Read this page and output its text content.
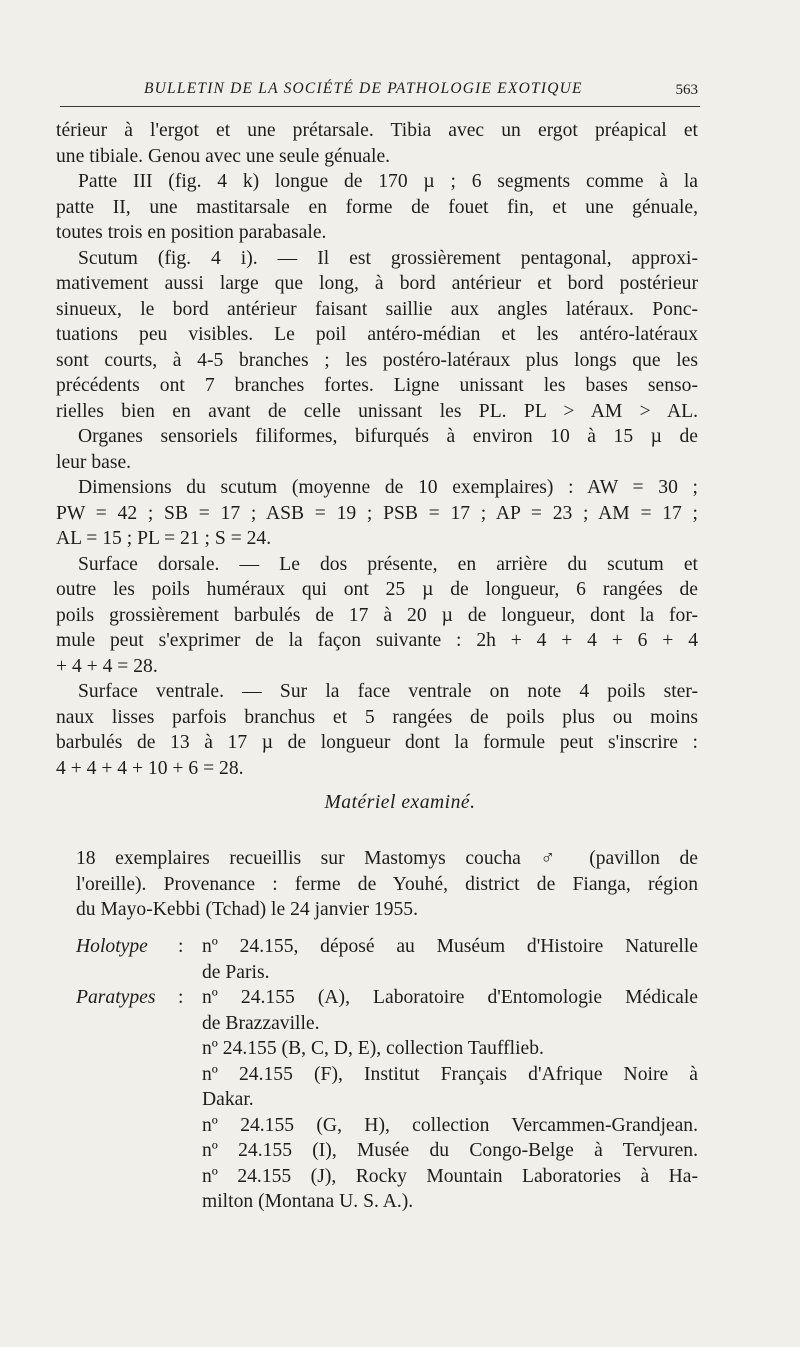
BULLETIN DE LA SOCIÉTÉ DE PATHOLOGIE EXOTIQUE	563
térieur à l'ergot et une prétarsale. Tibia avec un ergot préapical et
une tibiale. Genou avec une seule génuale.
Patte III (fig. 4 k) longue de 170 µ ; 6 segments comme à la
patte II, une mastitarsale en forme de fouet fin, et une génuale,
toutes trois en position parabasale.
Scutum (fig. 4 i). — Il est grossièrement pentagonal, approxi-
mativement aussi large que long, à bord antérieur et bord postérieur
sinueux, le bord antérieur faisant saillie aux angles latéraux. Ponc-
tuations peu visibles. Le poil antéro-médian et les antéro-latéraux
sont courts, à 4-5 branches ; les postéro-latéraux plus longs que les
précédents ont 7 branches fortes. Ligne unissant les bases senso-
rielles bien en avant de celle unissant les PL. PL > AM > AL.
Organes sensoriels filiformes, bifurqués à environ 10 à 15 µ de
leur base.
Dimensions du scutum (moyenne de 10 exemplaires) : AW = 30 ;
PW = 42 ; SB = 17 ; ASB = 19 ; PSB = 17 ; AP = 23 ; AM = 17 ;
AL = 15 ; PL = 21 ; S = 24.
Surface dorsale. — Le dos présente, en arrière du scutum et
outre les poils huméraux qui ont 25 µ de longueur, 6 rangées de
poils grossièrement barbulés de 17 à 20 µ de longueur, dont la for-
mule peut s'exprimer de la façon suivante : 2h + 4 + 4 + 6 + 4
+ 4 + 4 = 28.
Surface ventrale. — Sur la face ventrale on note 4 poils ster-
naux lisses parfois branchus et 5 rangées de poils plus ou moins
barbulés de 13 à 17 µ de longueur dont la formule peut s'inscrire :
4 + 4 + 4 + 10 + 6 = 28.
Matériel examiné.
18 exemplaires recueillis sur Mastomys coucha ♂ (pavillon de
l'oreille). Provenance : ferme de Youhé, district de Fianga, région
du Mayo-Kebbi (Tchad) le 24 janvier 1955.
Holotype : nº 24.155, déposé au Muséum d'Histoire Naturelle
de Paris.
Paratypes : nº 24.155 (A), Laboratoire d'Entomologie Médicale
de Brazzaville.
nº 24.155 (B, C, D, E), collection Taufflieb.
nº 24.155 (F), Institut Français d'Afrique Noire à
Dakar.
nº 24.155 (G, H), collection Vercammen-Grandjean.
nº 24.155 (I), Musée du Congo-Belge à Tervuren.
nº 24.155 (J), Rocky Mountain Laboratories à Ha-
milton (Montana U. S. A.).
